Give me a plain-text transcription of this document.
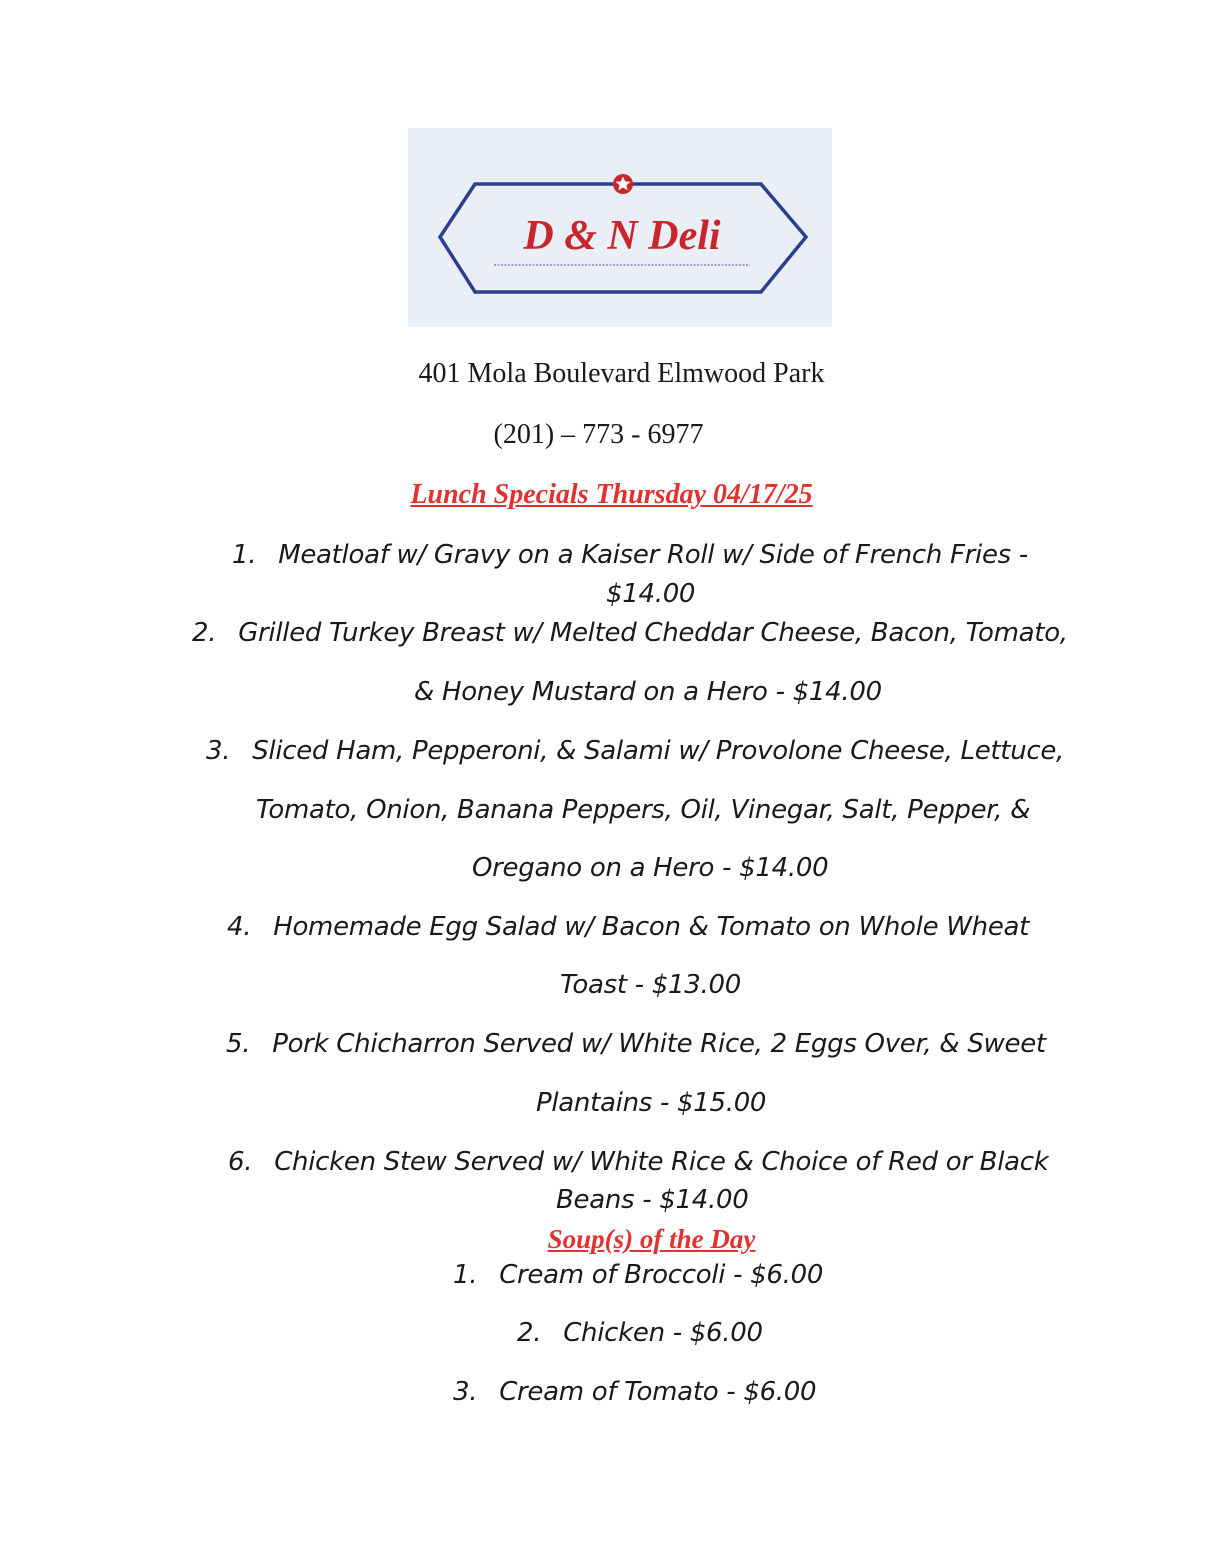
D & N Deli
401 Mola Boulevard Elmwood Park
(201) – 773 - 6977
Lunch Specials Thursday 04/17/25
1. Meatloaf w/ Gravy on a Kaiser Roll w/ Side of French Fries -
$14.00
2. Grilled Turkey Breast w/ Melted Cheddar Cheese, Bacon, Tomato,
& Honey Mustard on a Hero - $14.00
3. Sliced Ham, Pepperoni, & Salami w/ Provolone Cheese, Lettuce,
Tomato, Onion, Banana Peppers, Oil, Vinegar, Salt, Pepper, &
Oregano on a Hero - $14.00
4. Homemade Egg Salad w/ Bacon & Tomato on Whole Wheat
Toast - $13.00
5. Pork Chicharron Served w/ White Rice, 2 Eggs Over, & Sweet
Plantains - $15.00
6. Chicken Stew Served w/ White Rice & Choice of Red or Black
Beans - $14.00
Soup(s) of the Day
1. Cream of Broccoli - $6.00
2. Chicken - $6.00
3. Cream of Tomato - $6.00
